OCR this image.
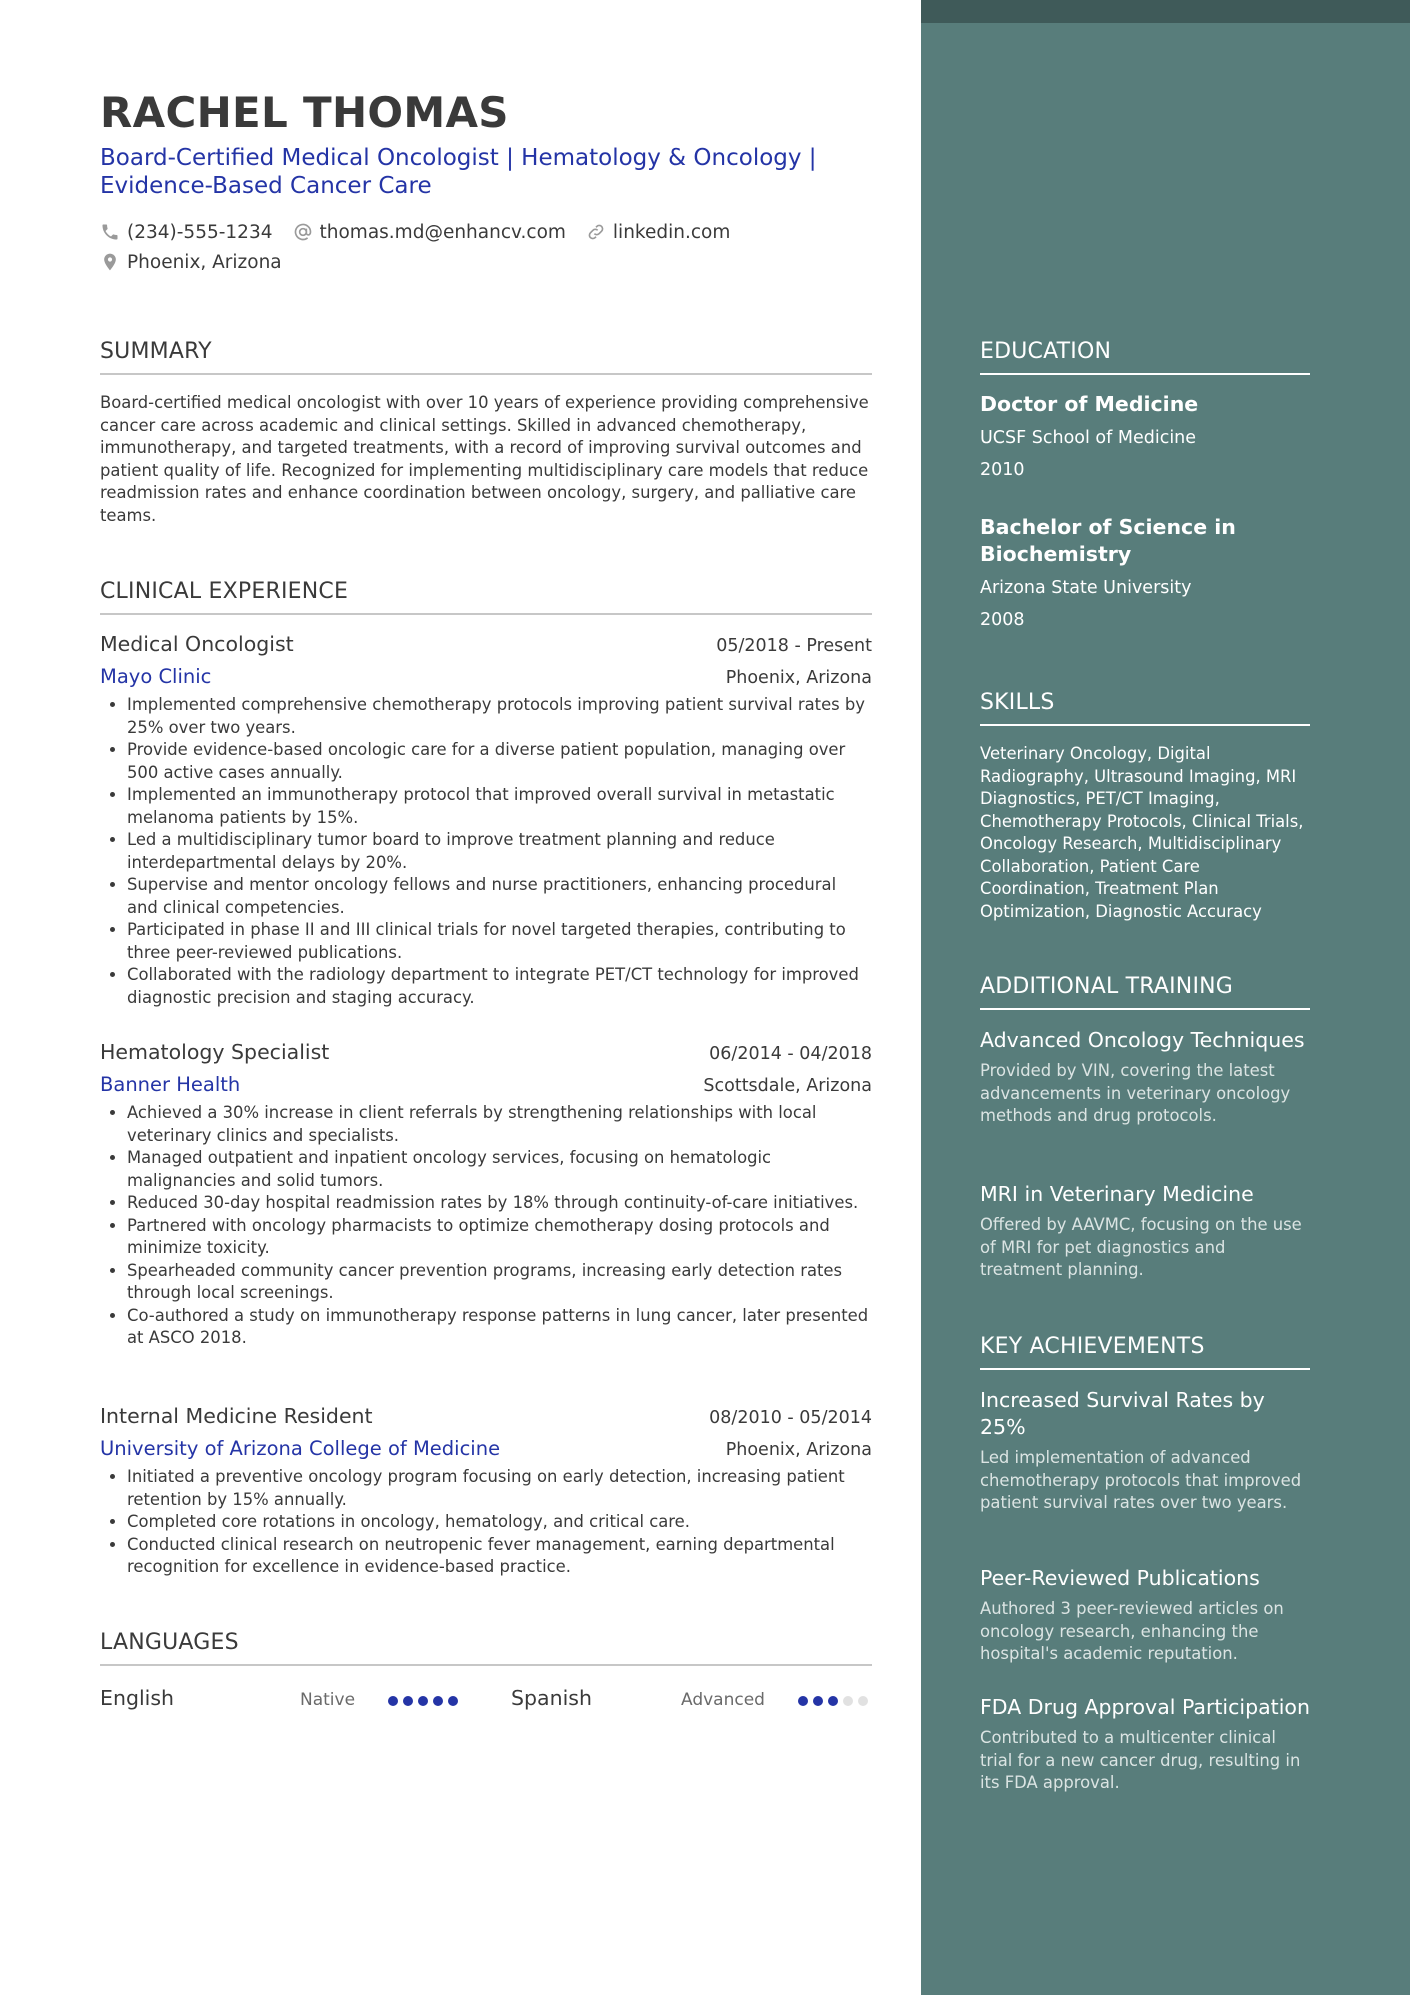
RACHEL THOMAS
Board-Certified Medical Oncologist | Hematology & Oncology | Evidence-Based Cancer Care
(234)-555-1234	thomas.md@enhancv.com	linkedin.com
Phoenix, Arizona
SUMMARY
Board-certified medical oncologist with over 10 years of experience providing comprehensive cancer care across academic and clinical settings. Skilled in advanced chemotherapy, immunotherapy, and targeted treatments, with a record of improving survival outcomes and patient quality of life. Recognized for implementing multidisciplinary care models that reduce readmission rates and enhance coordination between oncology, surgery, and palliative care teams.
CLINICAL EXPERIENCE
Medical Oncologist	05/2018 - Present
Mayo Clinic	Phoenix, Arizona
• Implemented comprehensive chemotherapy protocols improving patient survival rates by 25% over two years.
• Provide evidence-based oncologic care for a diverse patient population, managing over 500 active cases annually.
• Implemented an immunotherapy protocol that improved overall survival in metastatic melanoma patients by 15%.
• Led a multidisciplinary tumor board to improve treatment planning and reduce interdepartmental delays by 20%.
• Supervise and mentor oncology fellows and nurse practitioners, enhancing procedural and clinical competencies.
• Participated in phase II and III clinical trials for novel targeted therapies, contributing to three peer-reviewed publications.
• Collaborated with the radiology department to integrate PET/CT technology for improved diagnostic precision and staging accuracy.
Hematology Specialist	06/2014 - 04/2018
Banner Health	Scottsdale, Arizona
• Achieved a 30% increase in client referrals by strengthening relationships with local veterinary clinics and specialists.
• Managed outpatient and inpatient oncology services, focusing on hematologic malignancies and solid tumors.
• Reduced 30-day hospital readmission rates by 18% through continuity-of-care initiatives.
• Partnered with oncology pharmacists to optimize chemotherapy dosing protocols and minimize toxicity.
• Spearheaded community cancer prevention programs, increasing early detection rates through local screenings.
• Co-authored a study on immunotherapy response patterns in lung cancer, later presented at ASCO 2018.
Internal Medicine Resident	08/2010 - 05/2014
University of Arizona College of Medicine	Phoenix, Arizona
• Initiated a preventive oncology program focusing on early detection, increasing patient retention by 15% annually.
• Completed core rotations in oncology, hematology, and critical care.
• Conducted clinical research on neutropenic fever management, earning departmental recognition for excellence in evidence-based practice.
LANGUAGES
English	Native	Spanish	Advanced
EDUCATION
Doctor of Medicine
UCSF School of Medicine
2010
Bachelor of Science in Biochemistry
Arizona State University
2008
SKILLS
Veterinary Oncology, Digital Radiography, Ultrasound Imaging, MRI Diagnostics, PET/CT Imaging, Chemotherapy Protocols, Clinical Trials, Oncology Research, Multidisciplinary Collaboration, Patient Care Coordination, Treatment Plan Optimization, Diagnostic Accuracy
ADDITIONAL TRAINING
Advanced Oncology Techniques
Provided by VIN, covering the latest advancements in veterinary oncology methods and drug protocols.
MRI in Veterinary Medicine
Offered by AAVMC, focusing on the use of MRI for pet diagnostics and treatment planning.
KEY ACHIEVEMENTS
Increased Survival Rates by 25%
Led implementation of advanced chemotherapy protocols that improved patient survival rates over two years.
Peer-Reviewed Publications
Authored 3 peer-reviewed articles on oncology research, enhancing the hospital's academic reputation.
FDA Drug Approval Participation
Contributed to a multicenter clinical trial for a new cancer drug, resulting in its FDA approval.
